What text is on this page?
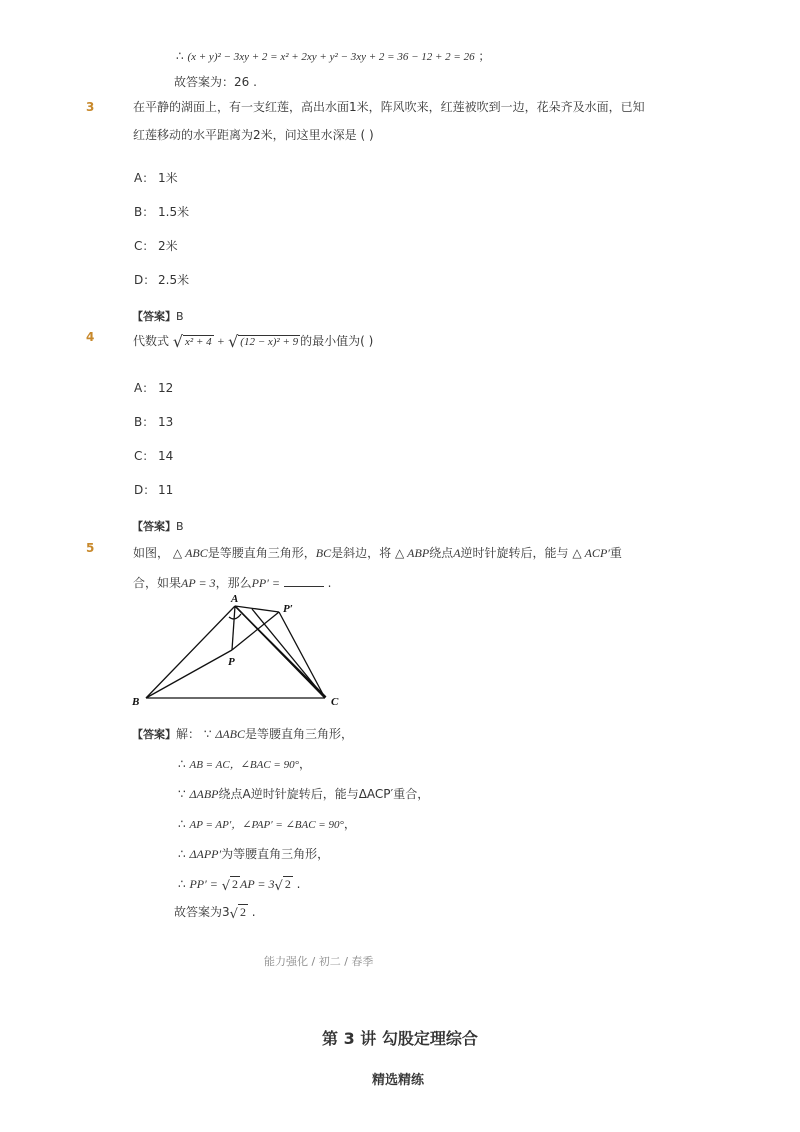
∴ (x + y)² − 3xy + 2 = x² + 2xy + y² − 3xy + 2 = 36 − 12 + 2 = 26 ；
故答案为：26 .
3	在平静的湖面上，有一支红莲，高出水面1米，阵风吹来，红莲被吹到一边，花朵齐及水面，已知
红莲移动的水平距离为2米，问这里水深是 ( )
A： 1米
B： 1.5米
C： 2米
D： 2.5米
【答案】B
4	代数式 √ x² + 4 + √ (12 − x)² + 9 的最小值为( )
A： 12
B： 13
C： 14
D： 11
【答案】B
5	如图， △ ABC是等腰直角三角形，BC是斜边，将 △ ABP绕点A逆时针旋转后，能与 △ ACP′重
合，如果AP = 3，那么PP′ =	.
A
B	C
P
P′
【答案】解： ∵ ΔABC是等腰直角三角形，
∴ AB = AC，∠BAC = 90°，
∵ ΔABP绕点A逆时针旋转后，能与ΔACP′重合，
∴ AP = AP′，∠PAP′ = ∠BAC = 90°，
∴ ΔAPP′为等腰直角三角形，
∴ PP′ = √ 2 AP = 3√ 2 .
故答案为3√ 2 .
能力强化 / 初二 / 春季
第 3 讲 勾股定理综合
精选精练
